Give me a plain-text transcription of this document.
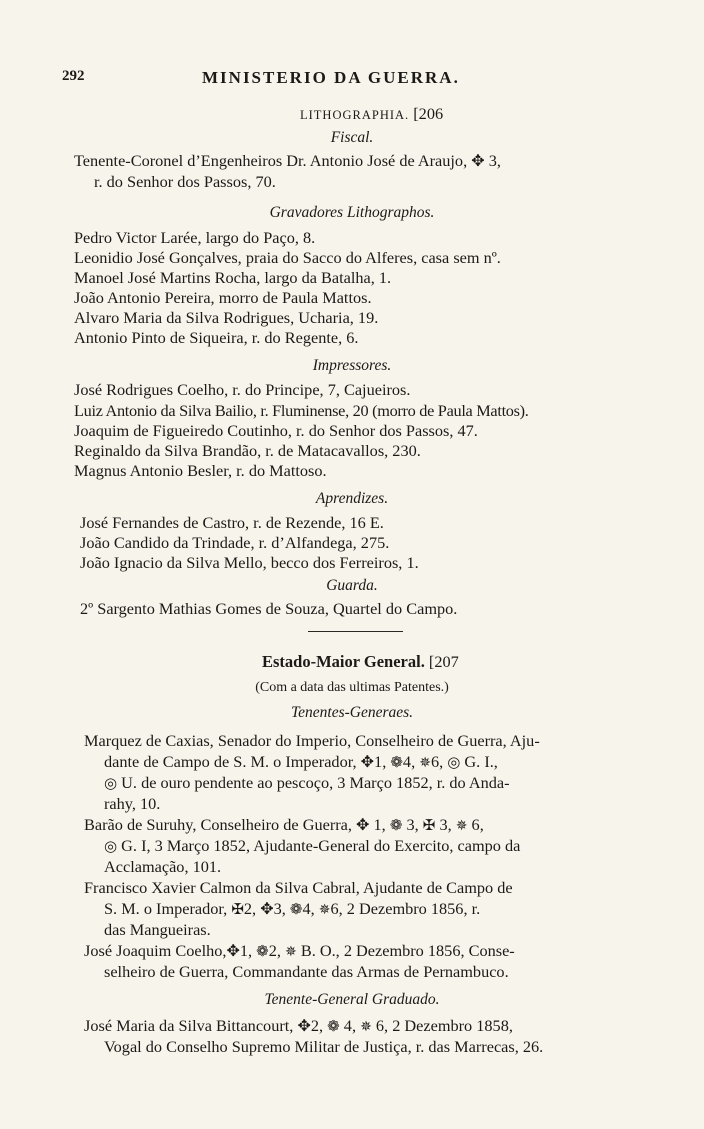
292	MINISTERIO DA GUERRA.
LITHOGRAPHIA. [206
Fiscal.
Tenente-Coronel d’Engenheiros Dr. Antonio José de Araujo, ✥ 3,
r. do Senhor dos Passos, 70.
Gravadores Lithographos.
Pedro Victor Larée, largo do Paço, 8.
Leonidio José Gonçalves, praia do Sacco do Alferes, casa sem nº.
Manoel José Martins Rocha, largo da Batalha, 1.
João Antonio Pereira, morro de Paula Mattos.
Alvaro Maria da Silva Rodrigues, Ucharia, 19.
Antonio Pinto de Siqueira, r. do Regente, 6.
Impressores.
José Rodrigues Coelho, r. do Principe, 7, Cajueiros.
Luiz Antonio da Silva Bailio, r. Fluminense, 20 (morro de Paula Mattos).
Joaquim de Figueiredo Coutinho, r. do Senhor dos Passos, 47.
Reginaldo da Silva Brandão, r. de Matacavallos, 230.
Magnus Antonio Besler, r. do Mattoso.
Aprendizes.
José Fernandes de Castro, r. de Rezende, 16 E.
João Candido da Trindade, r. d’Alfandega, 275.
João Ignacio da Silva Mello, becco dos Ferreiros, 1.
Guarda.
2º Sargento Mathias Gomes de Souza, Quartel do Campo.
Estado-Maior General. [207
(Com a data das ultimas Patentes.)
Tenentes-Generaes.
Marquez de Caxias, Senador do Imperio, Conselheiro de Guerra, Aju-
dante de Campo de S. M. o Imperador, ✥1, ❁4, ✵6, ◎ G. I.,
◎ U. de ouro pendente ao pescoço, 3 Março 1852, r. do Anda-
rahy, 10.
Barão de Suruhy, Conselheiro de Guerra, ✥ 1, ❁ 3, ✠ 3, ✵ 6,
◎ G. I, 3 Março 1852, Ajudante-General do Exercito, campo da
Acclamação, 101.
Francisco Xavier Calmon da Silva Cabral, Ajudante de Campo de
S. M. o Imperador, ✠2, ✥3, ❁4, ✵6, 2 Dezembro 1856, r.
das Mangueiras.
José Joaquim Coelho,✥1, ❁2, ✵ B. O., 2 Dezembro 1856, Conse-
selheiro de Guerra, Commandante das Armas de Pernambuco.
Tenente-General Graduado.
José Maria da Silva Bittancourt, ✥2, ❁ 4, ✵ 6, 2 Dezembro 1858,
Vogal do Conselho Supremo Militar de Justiça, r. das Marrecas, 26.
